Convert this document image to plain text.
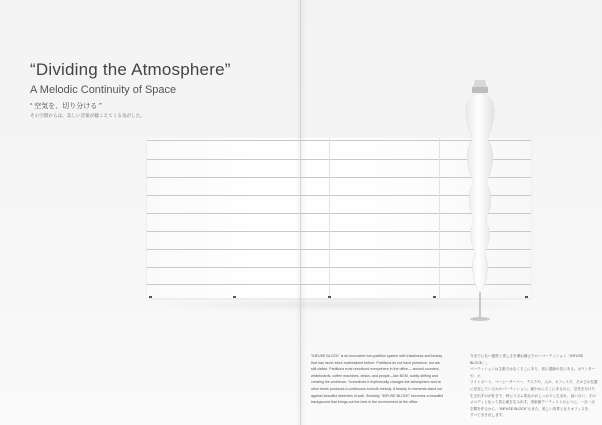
“Dividing the Atmosphere”
A Melodic Continuity of Space
“ 空気を、切り分ける ”
その空間からは、美しい音楽が聴こえてくる気がした。

“INFUSE BLOCK” is an innovative low-partition system with installness and beauty

that has never been materialized before. Partitions do not have presence, but are

still visible. Partitions exist unnoticed everywhere in the office— around counters,

whiteboards, coffee machines, desks, and people—like BGM, subtly drifting and

creating the ambience. Sometimes it rhythmically changes the atmosphere and at

other times produces a continuous smooth melody. A beauty in moments stand out

against beautiful stretches of wall. Similarly, “INFUSE BLOCK” becomes a beautiful

background that brings out the best in the environment at the office.

今までにない強度と美しさを兼ね備えたローパーティション「INFUSE BLOCK」。

パーティションは主張ではなくそこにあり、常に視線の先にある。カウンターや、ホ

ワイトボード、コーヒーサーバー、デスクや、人の、オフィスで、そのどの位置

に存在しているかのパーティション。緩やかにそこにあるのに、空気を分けた

生き出すのが好きで、時にリズム的なのがしっかりと生まれ、結い合い、その

メロディとなって居心地を生み出す。美術館アーティストのように、一点一点

空間を作るから、“INFUSE BLOCK”もまた、美しい背景となりオフィスを、

すべて引き出します。
